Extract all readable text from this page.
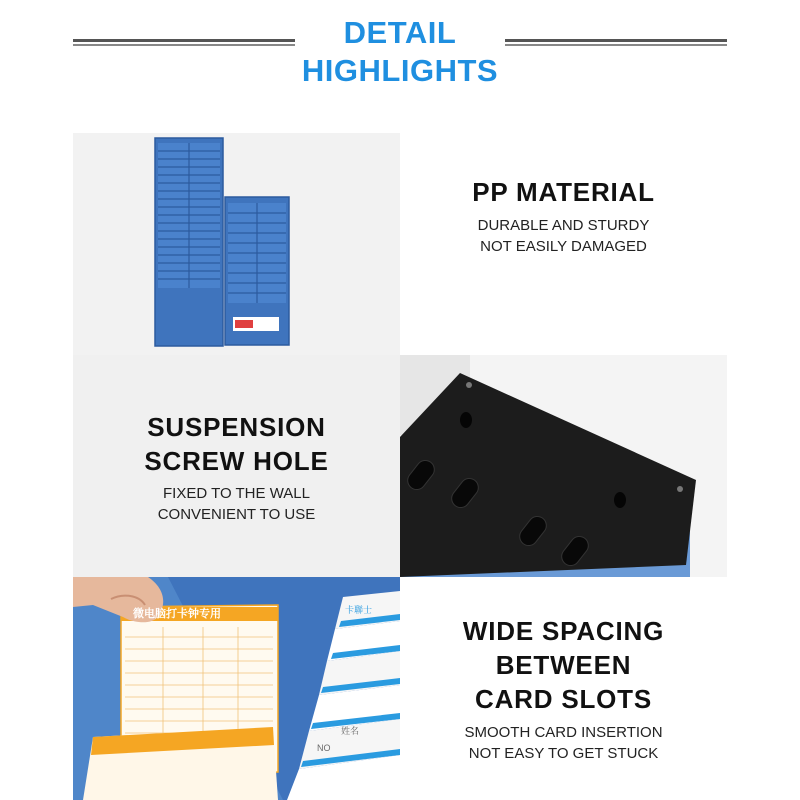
DETAIL
HIGHLIGHTS
PP MATERIAL

DURABLE AND STURDY
NOT EASILY DAMAGED

SUSPENSION
SCREW HOLE

FIXED TO THE WALL
CONVENIENT TO USE

微电脑打卡钟专用	卡聯士
姓名
NO
WIDE SPACING
BETWEEN
CARD SLOTS

SMOOTH CARD INSERTION
NOT EASY TO GET STUCK
